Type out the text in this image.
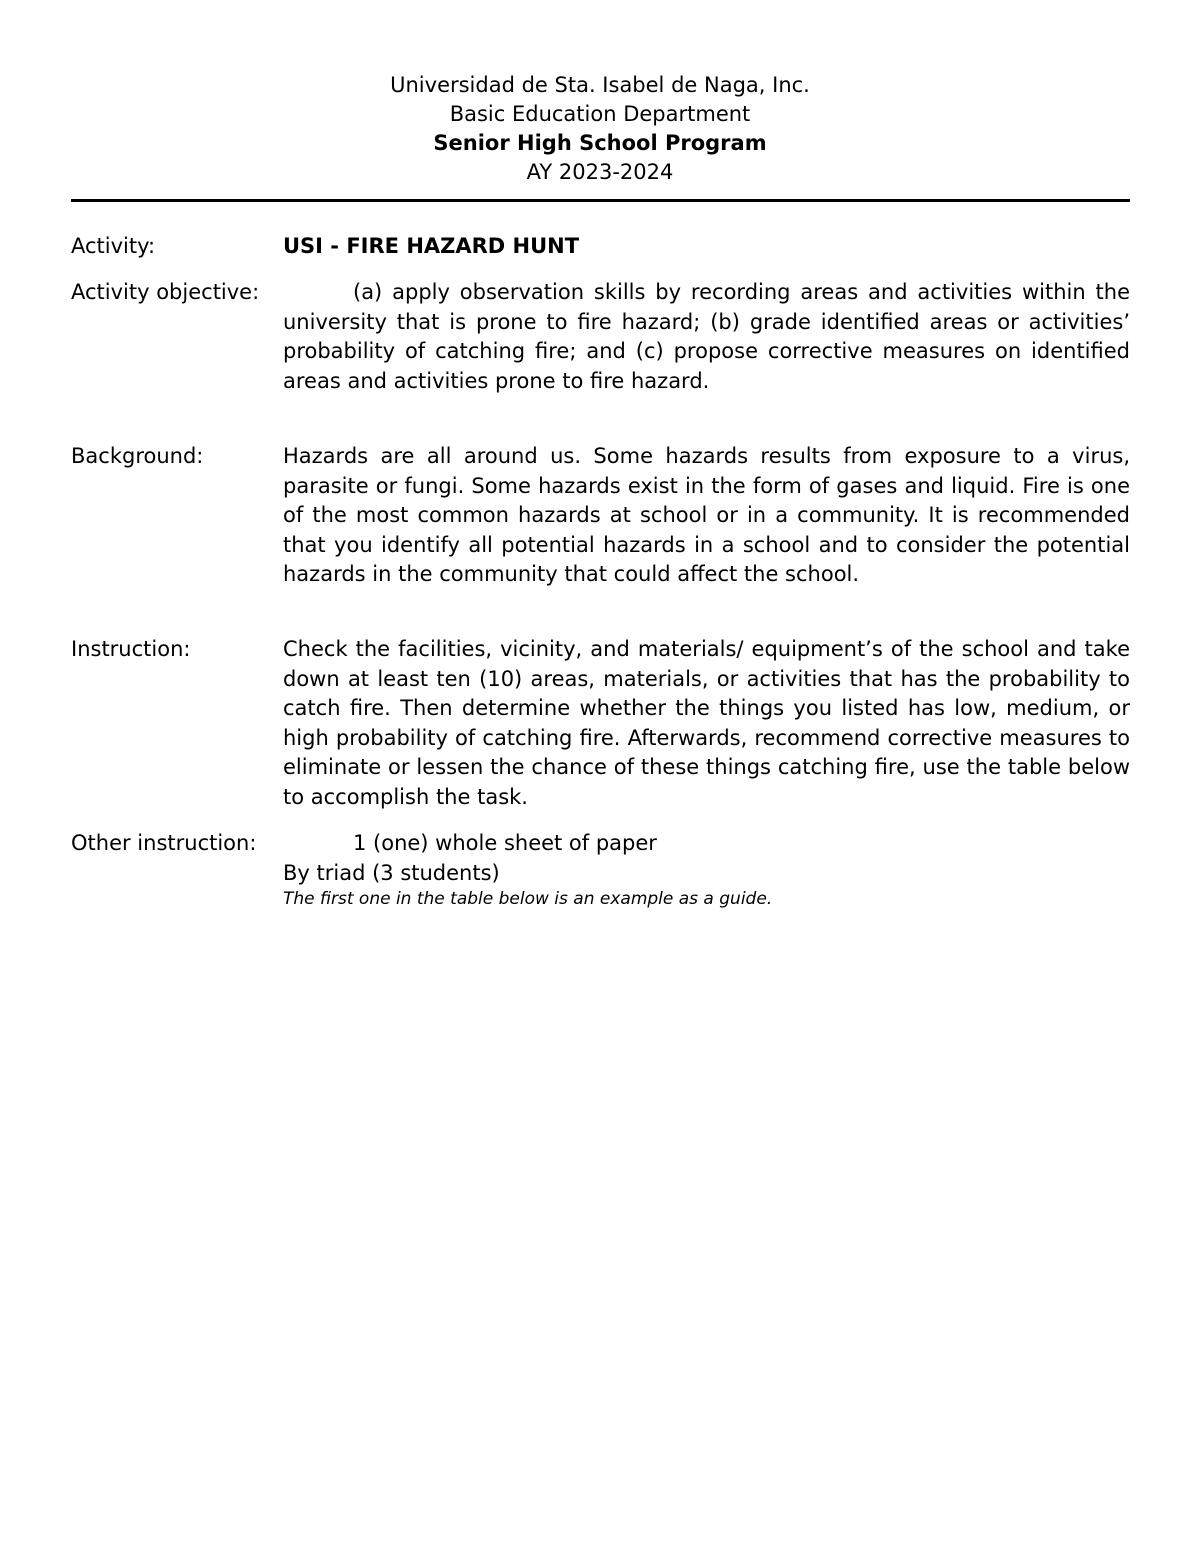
Universidad de Sta. Isabel de Naga, Inc.
Basic Education Department
Senior High School Program
AY 2023-2024
Activity:	USI - FIRE HAZARD HUNT
Activity objective:	(a) apply observation skills by recording areas and activities within the university that is prone to fire hazard; (b) grade identified areas or activities’ probability of catching fire; and (c) propose corrective measures on identified areas and activities prone to fire hazard.
Background:	Hazards are all around us. Some hazards results from exposure to a virus, parasite or fungi. Some hazards exist in the form of gases and liquid. Fire is one of the most common hazards at school or in a community. It is recommended that you identify all potential hazards in a school and to consider the potential hazards in the community that could affect the school.
Instruction:	Check the facilities, vicinity, and materials/ equipment’s of the school and take down at least ten (10) areas, materials, or activities that has the probability to catch fire. Then determine whether the things you listed has low, medium, or high probability of catching fire. Afterwards, recommend corrective measures to eliminate or lessen the chance of these things catching fire, use the table below to accomplish the task.
Other instruction:	1 (one) whole sheet of paper
By triad (3 students)
The first one in the table below is an example as a guide.
